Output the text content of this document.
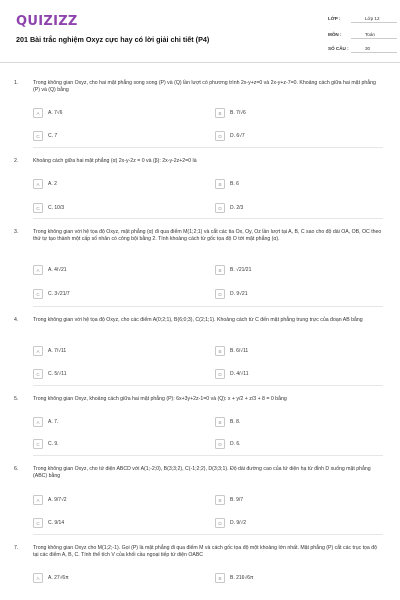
QUIZIZZ
201 Bài trắc nghiệm Oxyz cực hay có lời giải chi tiết (P4)
LỚP :	Lớp 12
MÔN :	Toán
SỐ CÂU :	30
1.	Trong không gian Oxyz, cho hai mặt phẳng song song (P) và (Q) lần lượt có phương trình 2x-y+z=0 và 2x-y+z-7=0. Khoảng cách giữa hai mặt phẳng (P) và (Q) bằng
A	A. 7√6	B	B. 7/√6
C	C. 7	D	D. 6√7
2.	Khoảng cách giữa hai mặt phẳng (α) 2x-y-2z = 0 và (β): 2x-y-2z+2=0 là
A	A. 2	B	B. 6
C	C. 10/3	D	D. 2/3
3.	Trong không gian với hệ tọa độ Oxyz, mặt phẳng (α) đi qua điểm M(1;2;1) và cắt các tia Ox, Oy, Oz lần lượt tại A, B, C sao cho độ dài OA, OB, OC theo thứ tự tạo thành một cấp số nhân có công bội bằng 2. Tính khoảng cách từ gốc tọa độ O tới mặt phẳng (α).
A	A. 4/√21	B	B. √21/21
C	C. 3√21/7	D	D. 9√21
4.	Trong không gian với hệ tọa độ Oxyz, cho các điểm A(0;2;1), B(6;0;3), C(2;1;1). Khoảng cách từ C đến mặt phẳng trung trực của đoạn AB bằng
A	A. 7/√11	B	B. 6/√11
C	C. 5/√11	D	D. 4/√11
5.	Trong không gian Oxyz, khoảng cách giữa hai mặt phẳng (P): 6x+3y+2z-1=0 và (Q): x + y/2 + z/3 + 8 = 0 bằng
A	A. 7.	B	B. 8.
C	C. 9.	D	D. 6.
6.	Trong không gian Oxyz, cho tứ diện ABCD với A(1;-2;0), B(3;3;2), C(-1;2;2), D(3;3;1). Độ dài đường cao của tứ diện hạ từ đỉnh D xuống mặt phẳng (ABC) bằng
A	A. 9/7√2	B	B. 9/7
C	C. 9/14	D	D. 9/√2
7.	Trong không gian Oxyz cho M(1;2;-1). Gọi (P) là mặt phẳng đi qua điểm M và cách gốc tọa độ một khoảng lớn nhất. Mặt phẳng (P) cắt các trục tọa độ tại các điểm A, B, C. Tính thể tích V của khối cầu ngoại tiếp tứ diện OABC
A	A. 27√6π	B	B. 216√6π
